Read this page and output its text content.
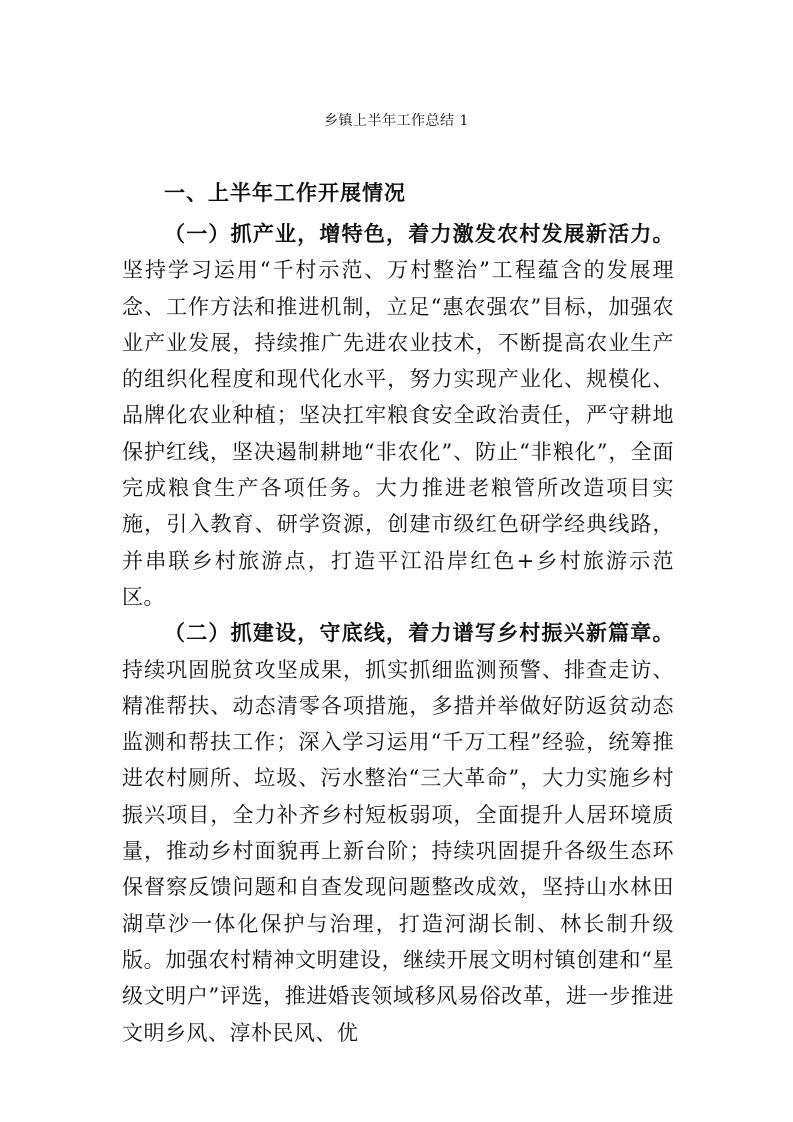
乡镇上半年工作总结 1
一、上半年工作开展情况

（一）抓产业，增特色，着力激发农村发展新活力。坚持学习运用“千村示范、万村整治”工程蕴含的发展理念、工作方法和推进机制，立足“惠农强农”目标，加强农业产业发展，持续推广先进农业技术，不断提高农业生产的组织化程度和现代化水平，努力实现产业化、规模化、品牌化农业种植；坚决扛牢粮食安全政治责任，严守耕地保护红线，坚决遏制耕地“非农化”、防止“非粮化”，全面完成粮食生产各项任务。大力推进老粮管所改造项目实施，引入教育、研学资源，创建市级红色研学经典线路，并串联乡村旅游点，打造平江沿岸红色+乡村旅游示范区。

（二）抓建设，守底线，着力谱写乡村振兴新篇章。持续巩固脱贫攻坚成果，抓实抓细监测预警、排查走访、精准帮扶、动态清零各项措施，多措并举做好防返贫动态监测和帮扶工作；深入学习运用“千万工程”经验，统筹推进农村厕所、垃圾、污水整治“三大革命”，大力实施乡村振兴项目，全力补齐乡村短板弱项，全面提升人居环境质量，推动乡村面貌再上新台阶；持续巩固提升各级生态环保督察反馈问题和自查发现问题整改成效，坚持山水林田湖草沙一体化保护与治理，打造河湖长制、林长制升级版。加强农村精神文明建设，继续开展文明村镇创建和“星级文明户”评选，推进婚丧领域移风易俗改革，进一步推进文明乡风、淳朴民风、优
